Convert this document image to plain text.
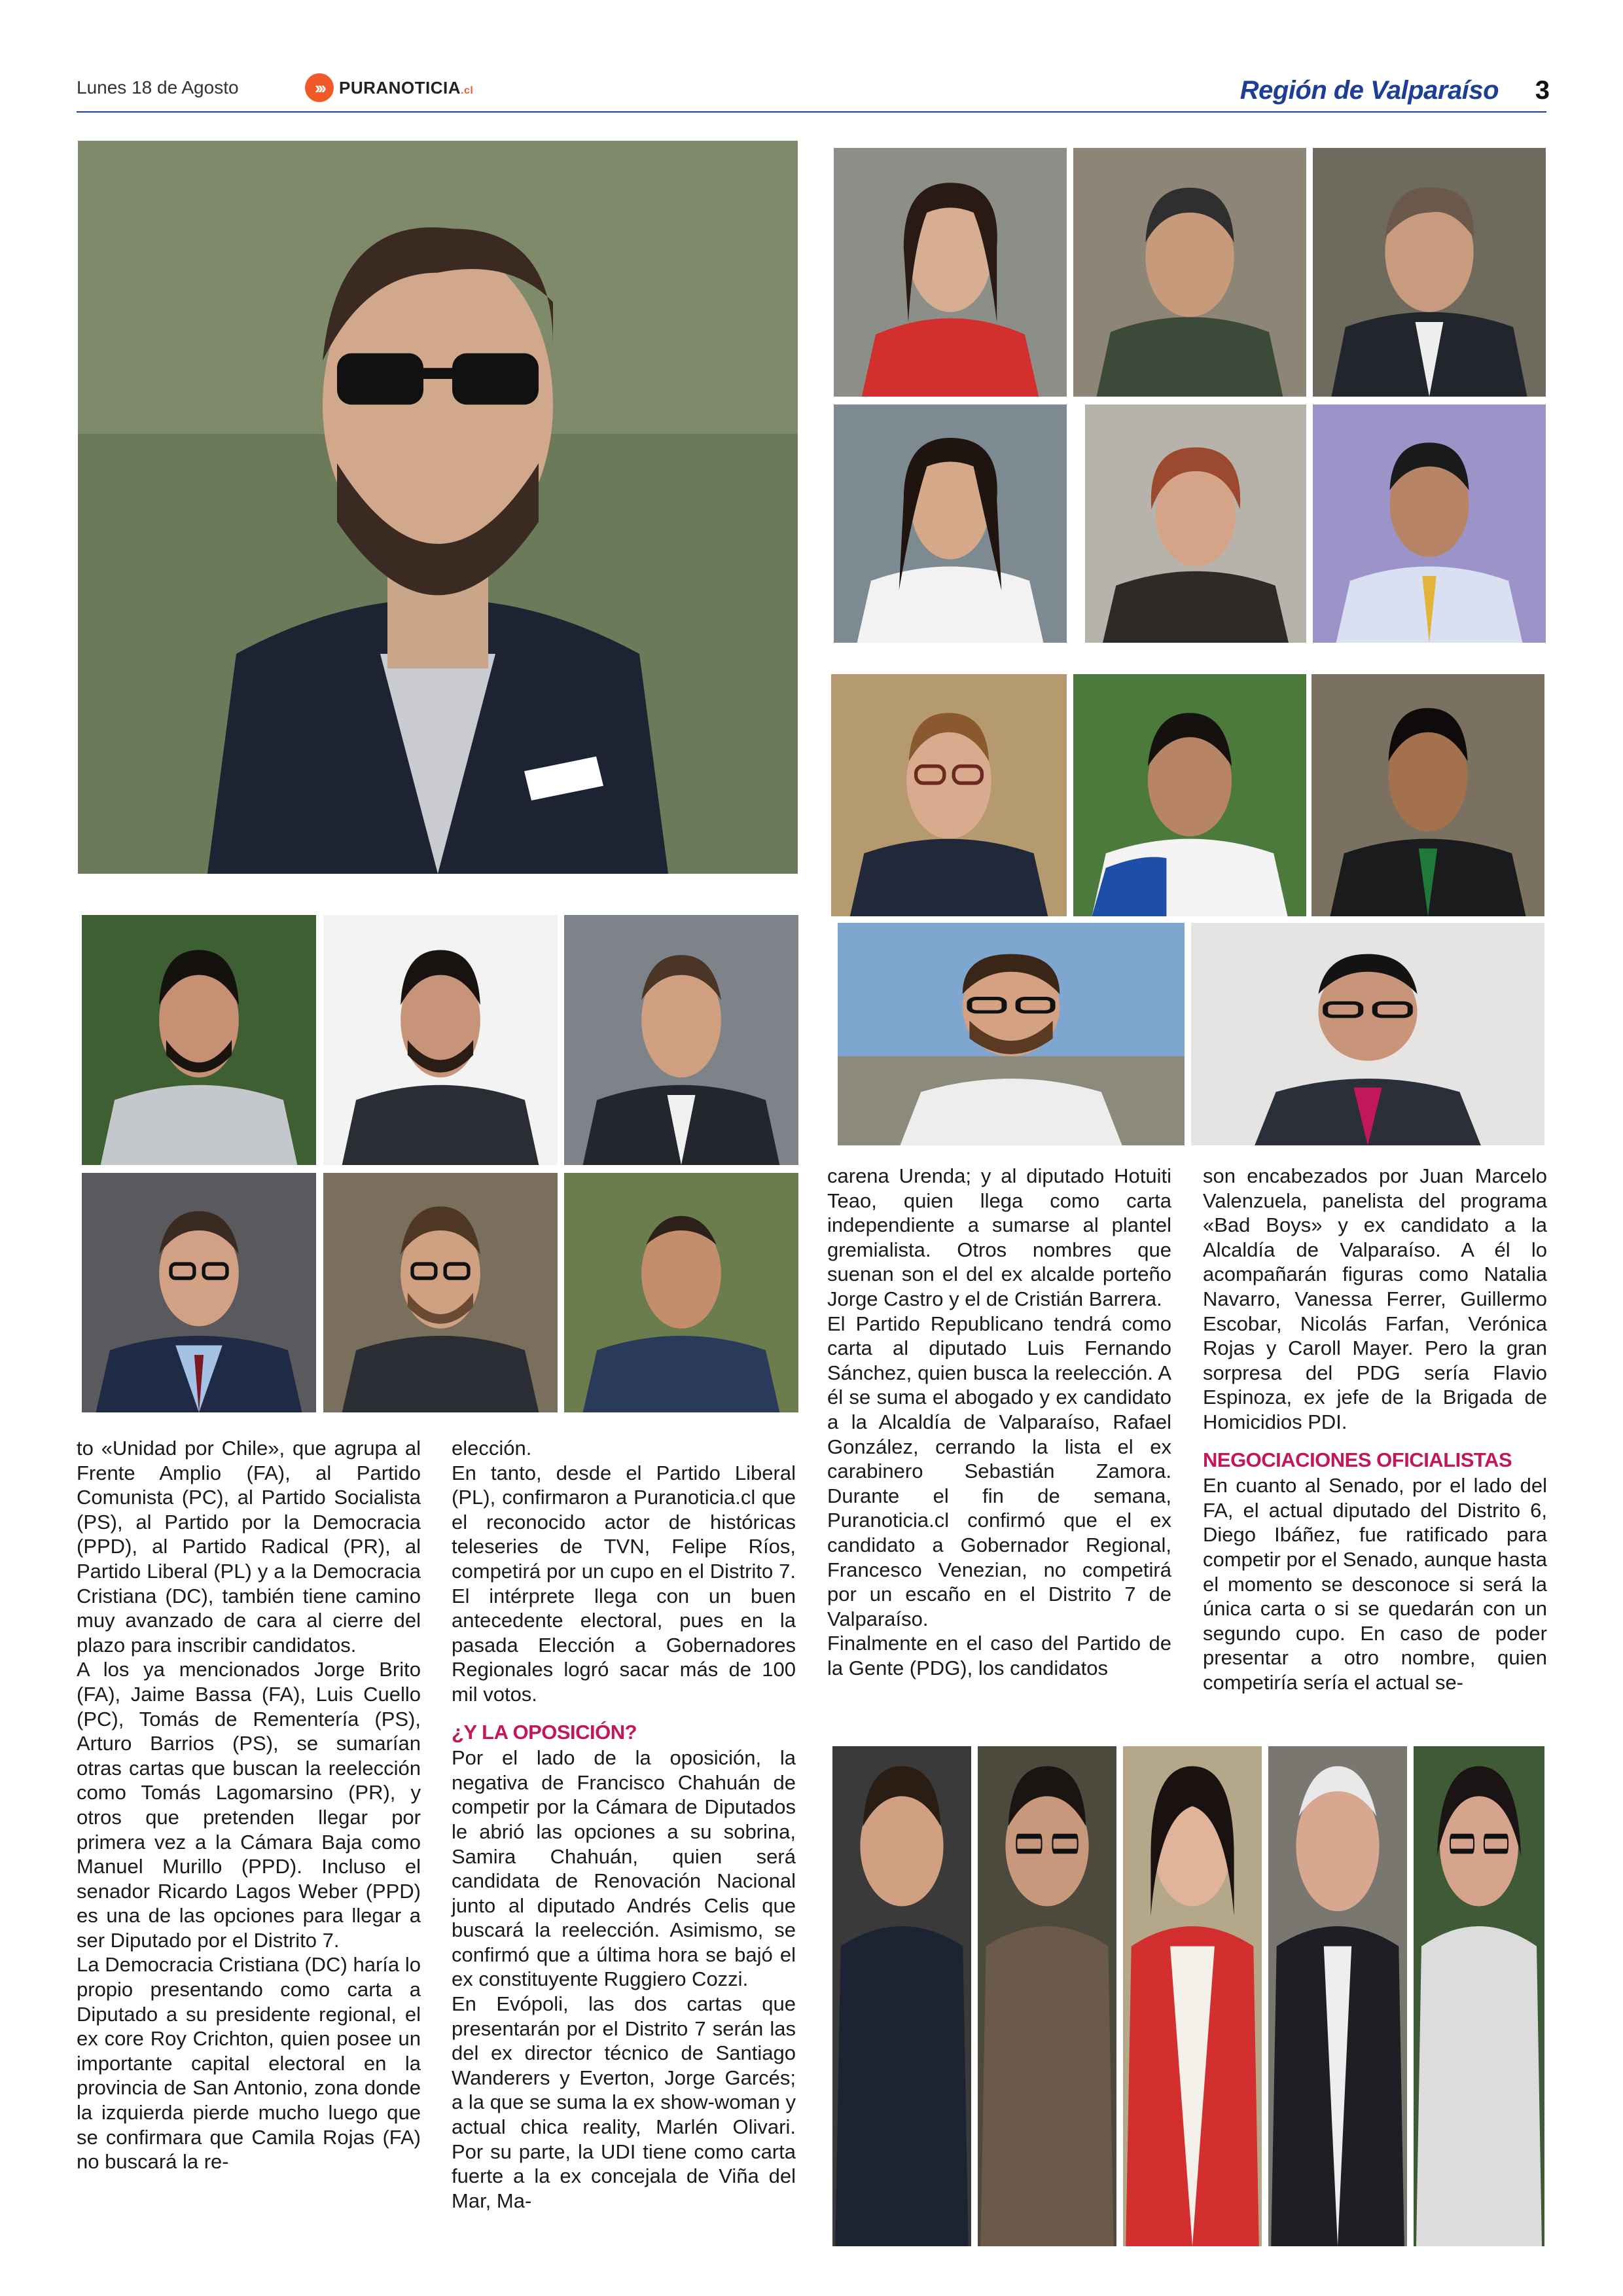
Lunes 18 de Agosto	››› PURANOTICIA.cl	Región de Valparaíso 3

to «Unidad por Chile», que agrupa al Frente Amplio (FA), al Partido Comunista (PC), al Partido Socialista (PS), al Partido por la Democracia (PPD), al Partido Radical (PR), al Partido Liberal (PL) y a la Democracia Cristiana (DC), también tiene camino muy avanzado de cara al cierre del plazo para inscribir candidatos.

A los ya mencionados Jorge Brito (FA), Jaime Bassa (FA), Luis Cuello (PC), Tomás de Rementería (PS), Arturo Barrios (PS), se sumarían otras cartas que buscan la reelección como Tomás Lagomarsino (PR), y otros que pretenden llegar por primera vez a la Cámara Baja como Manuel Murillo (PPD). Incluso el senador Ricardo Lagos Weber (PPD) es una de las opciones para llegar a ser Diputado por el Distrito 7.

La Democracia Cristiana (DC) haría lo propio presentando como carta a Diputado a su presidente regional, el ex core Roy Crichton, quien posee un importante capital electoral en la provincia de San Antonio, zona donde la izquierda pierde mucho luego que se confirmara que Camila Rojas (FA) no buscará la re-

elección.

En tanto, desde el Partido Liberal (PL), confirmaron a Puranoticia.cl que el reconocido actor de históricas teleseries de TVN, Felipe Ríos, competirá por un cupo en el Distrito 7. El intérprete llega con un buen antecedente electoral, pues en la pasada Elección a Gobernadores Regionales logró sacar más de 100 mil votos.

¿Y LA OPOSICIÓN?

Por el lado de la oposición, la negativa de Francisco Chahuán de competir por la Cámara de Diputados le abrió las opciones a su sobrina, Samira Chahuán, quien será candidata de Renovación Nacional junto al diputado Andrés Celis que buscará la reelección. Asimismo, se confirmó que a última hora se bajó el ex constituyente Ruggiero Cozzi.

En Evópoli, las dos cartas que presentarán por el Distrito 7 serán las del ex director técnico de Santiago Wanderers y Everton, Jorge Garcés; a la que se suma la ex show-woman y actual chica reality, Marlén Olivari. Por su parte, la UDI tiene como carta fuerte a la ex concejala de Viña del Mar, Ma-

carena Urenda; y al diputado Hotuiti Teao, quien llega como carta independiente a sumarse al plantel gremialista. Otros nombres que suenan son el del ex alcalde porteño Jorge Castro y el de Cristián Barrera.

El Partido Republicano tendrá como carta al diputado Luis Fernando Sánchez, quien busca la reelección. A él se suma el abogado y ex candidato a la Alcaldía de Valparaíso, Rafael González, cerrando la lista el ex carabinero Sebastián Zamora. Durante el fin de semana, Puranoticia.cl confirmó que el ex candidato a Gobernador Regional, Francesco Venezian, no competirá por un escaño en el Distrito 7 de Valparaíso.

Finalmente en el caso del Partido de la Gente (PDG), los candidatos

son encabezados por Juan Marcelo Valenzuela, panelista del programa «Bad Boys» y ex candidato a la Alcaldía de Valparaíso. A él lo acompañarán figuras como Natalia Navarro, Vanessa Ferrer, Guillermo Escobar, Nicolás Farfan, Verónica Rojas y Caroll Mayer. Pero la gran sorpresa del PDG sería Flavio Espinoza, ex jefe de la Brigada de Homicidios PDI.

NEGOCIACIONES OFICIALISTAS

En cuanto al Senado, por el lado del FA, el actual diputado del Distrito 6, Diego Ibáñez, fue ratificado para competir por el Senado, aunque hasta el momento se desconoce si será la única carta o si se quedarán con un segundo cupo. En caso de poder presentar a otro nombre, quien competiría sería el actual se-
